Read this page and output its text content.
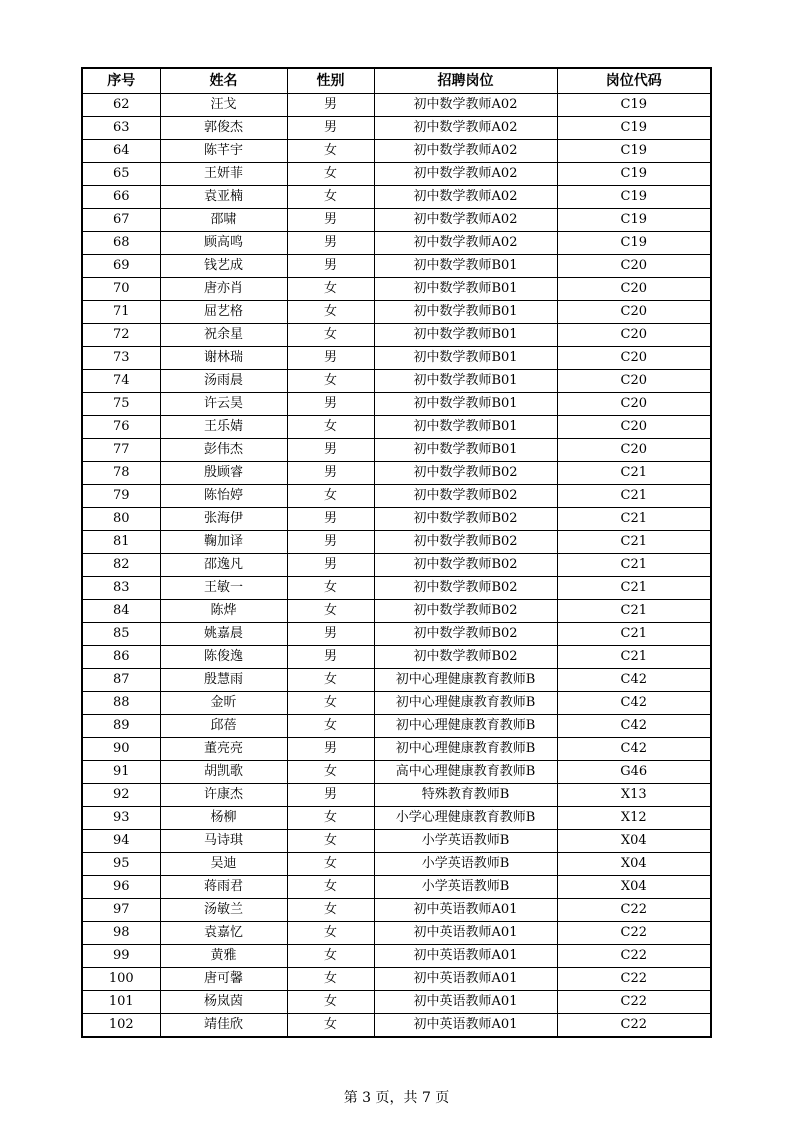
序号	姓名	性别	招聘岗位	岗位代码
62	汪戈	男	初中数学教师A02	C19
63	郭俊杰	男	初中数学教师A02	C19
64	陈芊宇	女	初中数学教师A02	C19
65	王妍菲	女	初中数学教师A02	C19
66	袁亚楠	女	初中数学教师A02	C19
67	邵啸	男	初中数学教师A02	C19
68	顾高鸣	男	初中数学教师A02	C19
69	钱艺成	男	初中数学教师B01	C20
70	唐亦肖	女	初中数学教师B01	C20
71	屈艺格	女	初中数学教师B01	C20
72	祝余星	女	初中数学教师B01	C20
73	谢林瑞	男	初中数学教师B01	C20
74	汤雨晨	女	初中数学教师B01	C20
75	许云昊	男	初中数学教师B01	C20
76	王乐婧	女	初中数学教师B01	C20
77	彭伟杰	男	初中数学教师B01	C20
78	殷顾睿	男	初中数学教师B02	C21
79	陈怡婷	女	初中数学教师B02	C21
80	张海伊	男	初中数学教师B02	C21
81	鞠加译	男	初中数学教师B02	C21
82	邵逸凡	男	初中数学教师B02	C21
83	王敏一	女	初中数学教师B02	C21
84	陈烨	女	初中数学教师B02	C21
85	姚嘉晨	男	初中数学教师B02	C21
86	陈俊逸	男	初中数学教师B02	C21
87	殷慧雨	女	初中心理健康教育教师B	C42
88	金昕	女	初中心理健康教育教师B	C42
89	邱蓓	女	初中心理健康教育教师B	C42
90	董亮亮	男	初中心理健康教育教师B	C42
91	胡凯歌	女	高中心理健康教育教师B	G46
92	许康杰	男	特殊教育教师B	X13
93	杨柳	女	小学心理健康教育教师B	X12
94	马诗琪	女	小学英语教师B	X04
95	吴迪	女	小学英语教师B	X04
96	蒋雨君	女	小学英语教师B	X04
97	汤敏兰	女	初中英语教师A01	C22
98	袁嘉忆	女	初中英语教师A01	C22
99	黄雅	女	初中英语教师A01	C22
100	唐可馨	女	初中英语教师A01	C22
101	杨岚茵	女	初中英语教师A01	C22
102	靖佳欣	女	初中英语教师A01	C22
第 3 页，共 7 页
